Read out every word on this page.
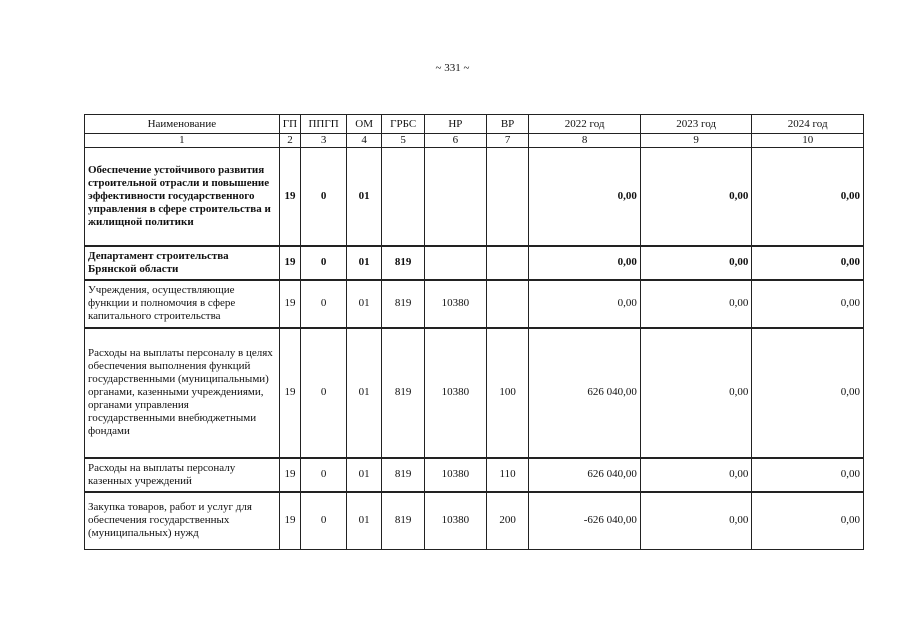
~ 331 ~
Наименование	ГП	ППГП	ОМ	ГРБС	НР	ВР	2022 год	2023 год	2024 год
1	2	3	4	5	6	7	8	9	10
Обеспечение устойчивого развития строительной отрасли и повышение эффективности государственного управления в сфере строительства и жилищной политики	19	0	01				0,00	0,00	0,00
Департамент строительства Брянской области	19	0	01	819			0,00	0,00	0,00
Учреждения, осуществляющие функции и полномочия в сфере капитального строительства	19	0	01	819	10380		0,00	0,00	0,00
Расходы на выплаты персоналу в целях обеспечения выполнения функций государственными (муниципальными) органами, казенными учреждениями, органами управления государственными внебюджетными фондами	19	0	01	819	10380	100	626 040,00	0,00	0,00
Расходы на выплаты персоналу казенных учреждений	19	0	01	819	10380	110	626 040,00	0,00	0,00
Закупка товаров, работ и услуг для обеспечения государственных (муниципальных) нужд	19	0	01	819	10380	200	-626 040,00	0,00	0,00
